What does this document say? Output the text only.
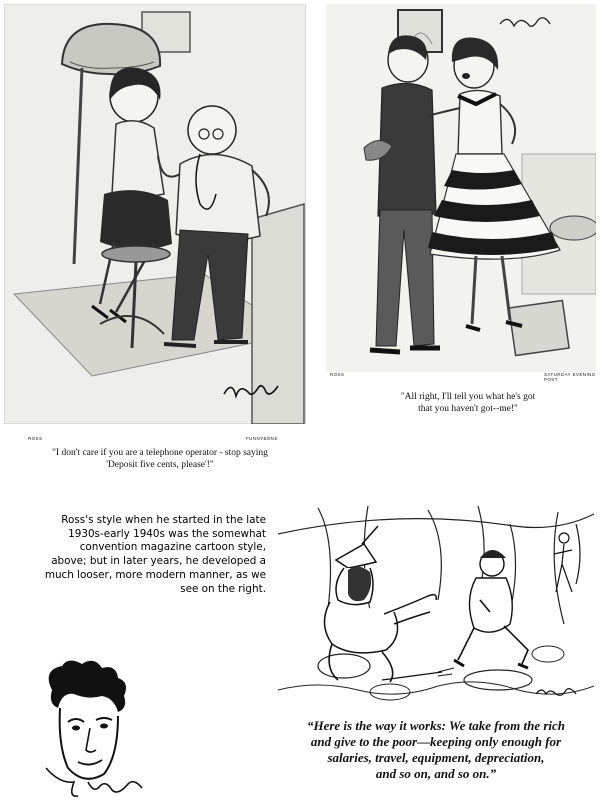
ROSS	FUNNYBONE
"I don't care if you are a telephone operator - stop saying
'Deposit five cents, please'!"
ROSS	SATURDAY EVENING POST
"All right, I'll tell you what he's got
that you haven't got--me!"
Ross's style when he started in the late
1930s-early 1940s was the somewhat
convention magazine cartoon style,
above; but in later years, he developed a
much looser, more modern manner, as we
see on the right.
“Here is the way it works: We take from the rich
and give to the poor—keeping only enough for
salaries, travel, equipment, depreciation,
and so on, and so on.”
